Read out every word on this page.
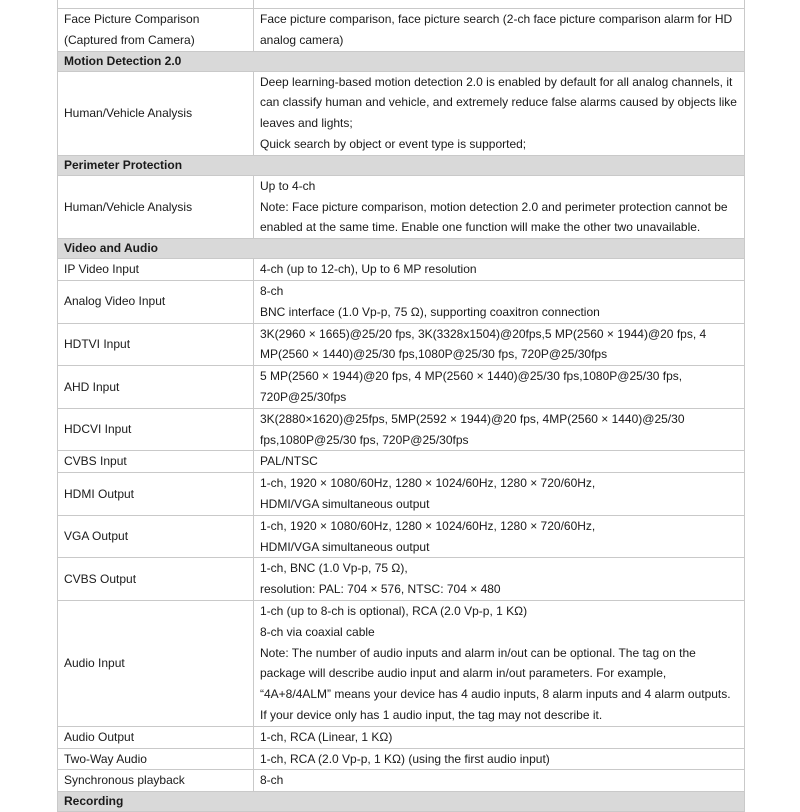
Face Picture Comparison (Captured from Camera)	Face picture comparison, face picture search (2-ch face picture comparison alarm for HD analog camera)

Motion Detection 2.0	
Human/Vehicle Analysis	Deep learning-based motion detection 2.0 is enabled by default for all analog channels, it can classify human and vehicle, and extremely reduce false alarms caused by objects like leaves and lights;
Quick search by object or event type is supported;

Perimeter Protection	
Human/Vehicle Analysis	Up to 4-ch
Note: Face picture comparison, motion detection 2.0 and perimeter protection cannot be enabled at the same time. Enable one function will make the other two unavailable.

Video and Audio	
IP Video Input	4-ch (up to 12-ch), Up to 6 MP resolution

Analog Video Input	8-ch
BNC interface (1.0 Vp-p, 75 Ω), supporting coaxitron connection

HDTVI Input	3K(2960 × 1665)@25/20 fps, 3K(3328x1504)@20fps,5 MP(2560 × 1944)@20 fps, 4 MP(2560 × 1440)@25/30 fps,1080P@25/30 fps, 720P@25/30fps

AHD Input	5 MP(2560 × 1944)@20 fps, 4 MP(2560 × 1440)@25/30 fps,1080P@25/30 fps, 720P@25/30fps

HDCVI Input	3K(2880×1620)@25fps, 5MP(2592 × 1944)@20 fps, 4MP(2560 × 1440)@25/30 fps,1080P@25/30 fps, 720P@25/30fps

CVBS Input	PAL/NTSC

HDMI Output	1-ch, 1920 × 1080/60Hz, 1280 × 1024/60Hz, 1280 × 720/60Hz,
HDMI/VGA simultaneous output

VGA Output	1-ch, 1920 × 1080/60Hz, 1280 × 1024/60Hz, 1280 × 720/60Hz,
HDMI/VGA simultaneous output

CVBS Output	1-ch, BNC (1.0 Vp-p, 75 Ω),
resolution: PAL: 704 × 576, NTSC: 704 × 480

Audio Input	1-ch (up to 8-ch is optional), RCA (2.0 Vp-p, 1 KΩ)
8-ch via coaxial cable
Note: The number of audio inputs and alarm in/out can be optional. The tag on the package will describe audio input and alarm in/out parameters. For example, “4A+8/4ALM” means your device has 4 audio inputs, 8 alarm inputs and 4 alarm outputs. If your device only has 1 audio input, the tag may not describe it.

Audio Output	1-ch, RCA (Linear, 1 KΩ)

Two-Way Audio	1-ch, RCA (2.0 Vp-p, 1 KΩ) (using the first audio input)

Synchronous playback	8-ch

Recording	
